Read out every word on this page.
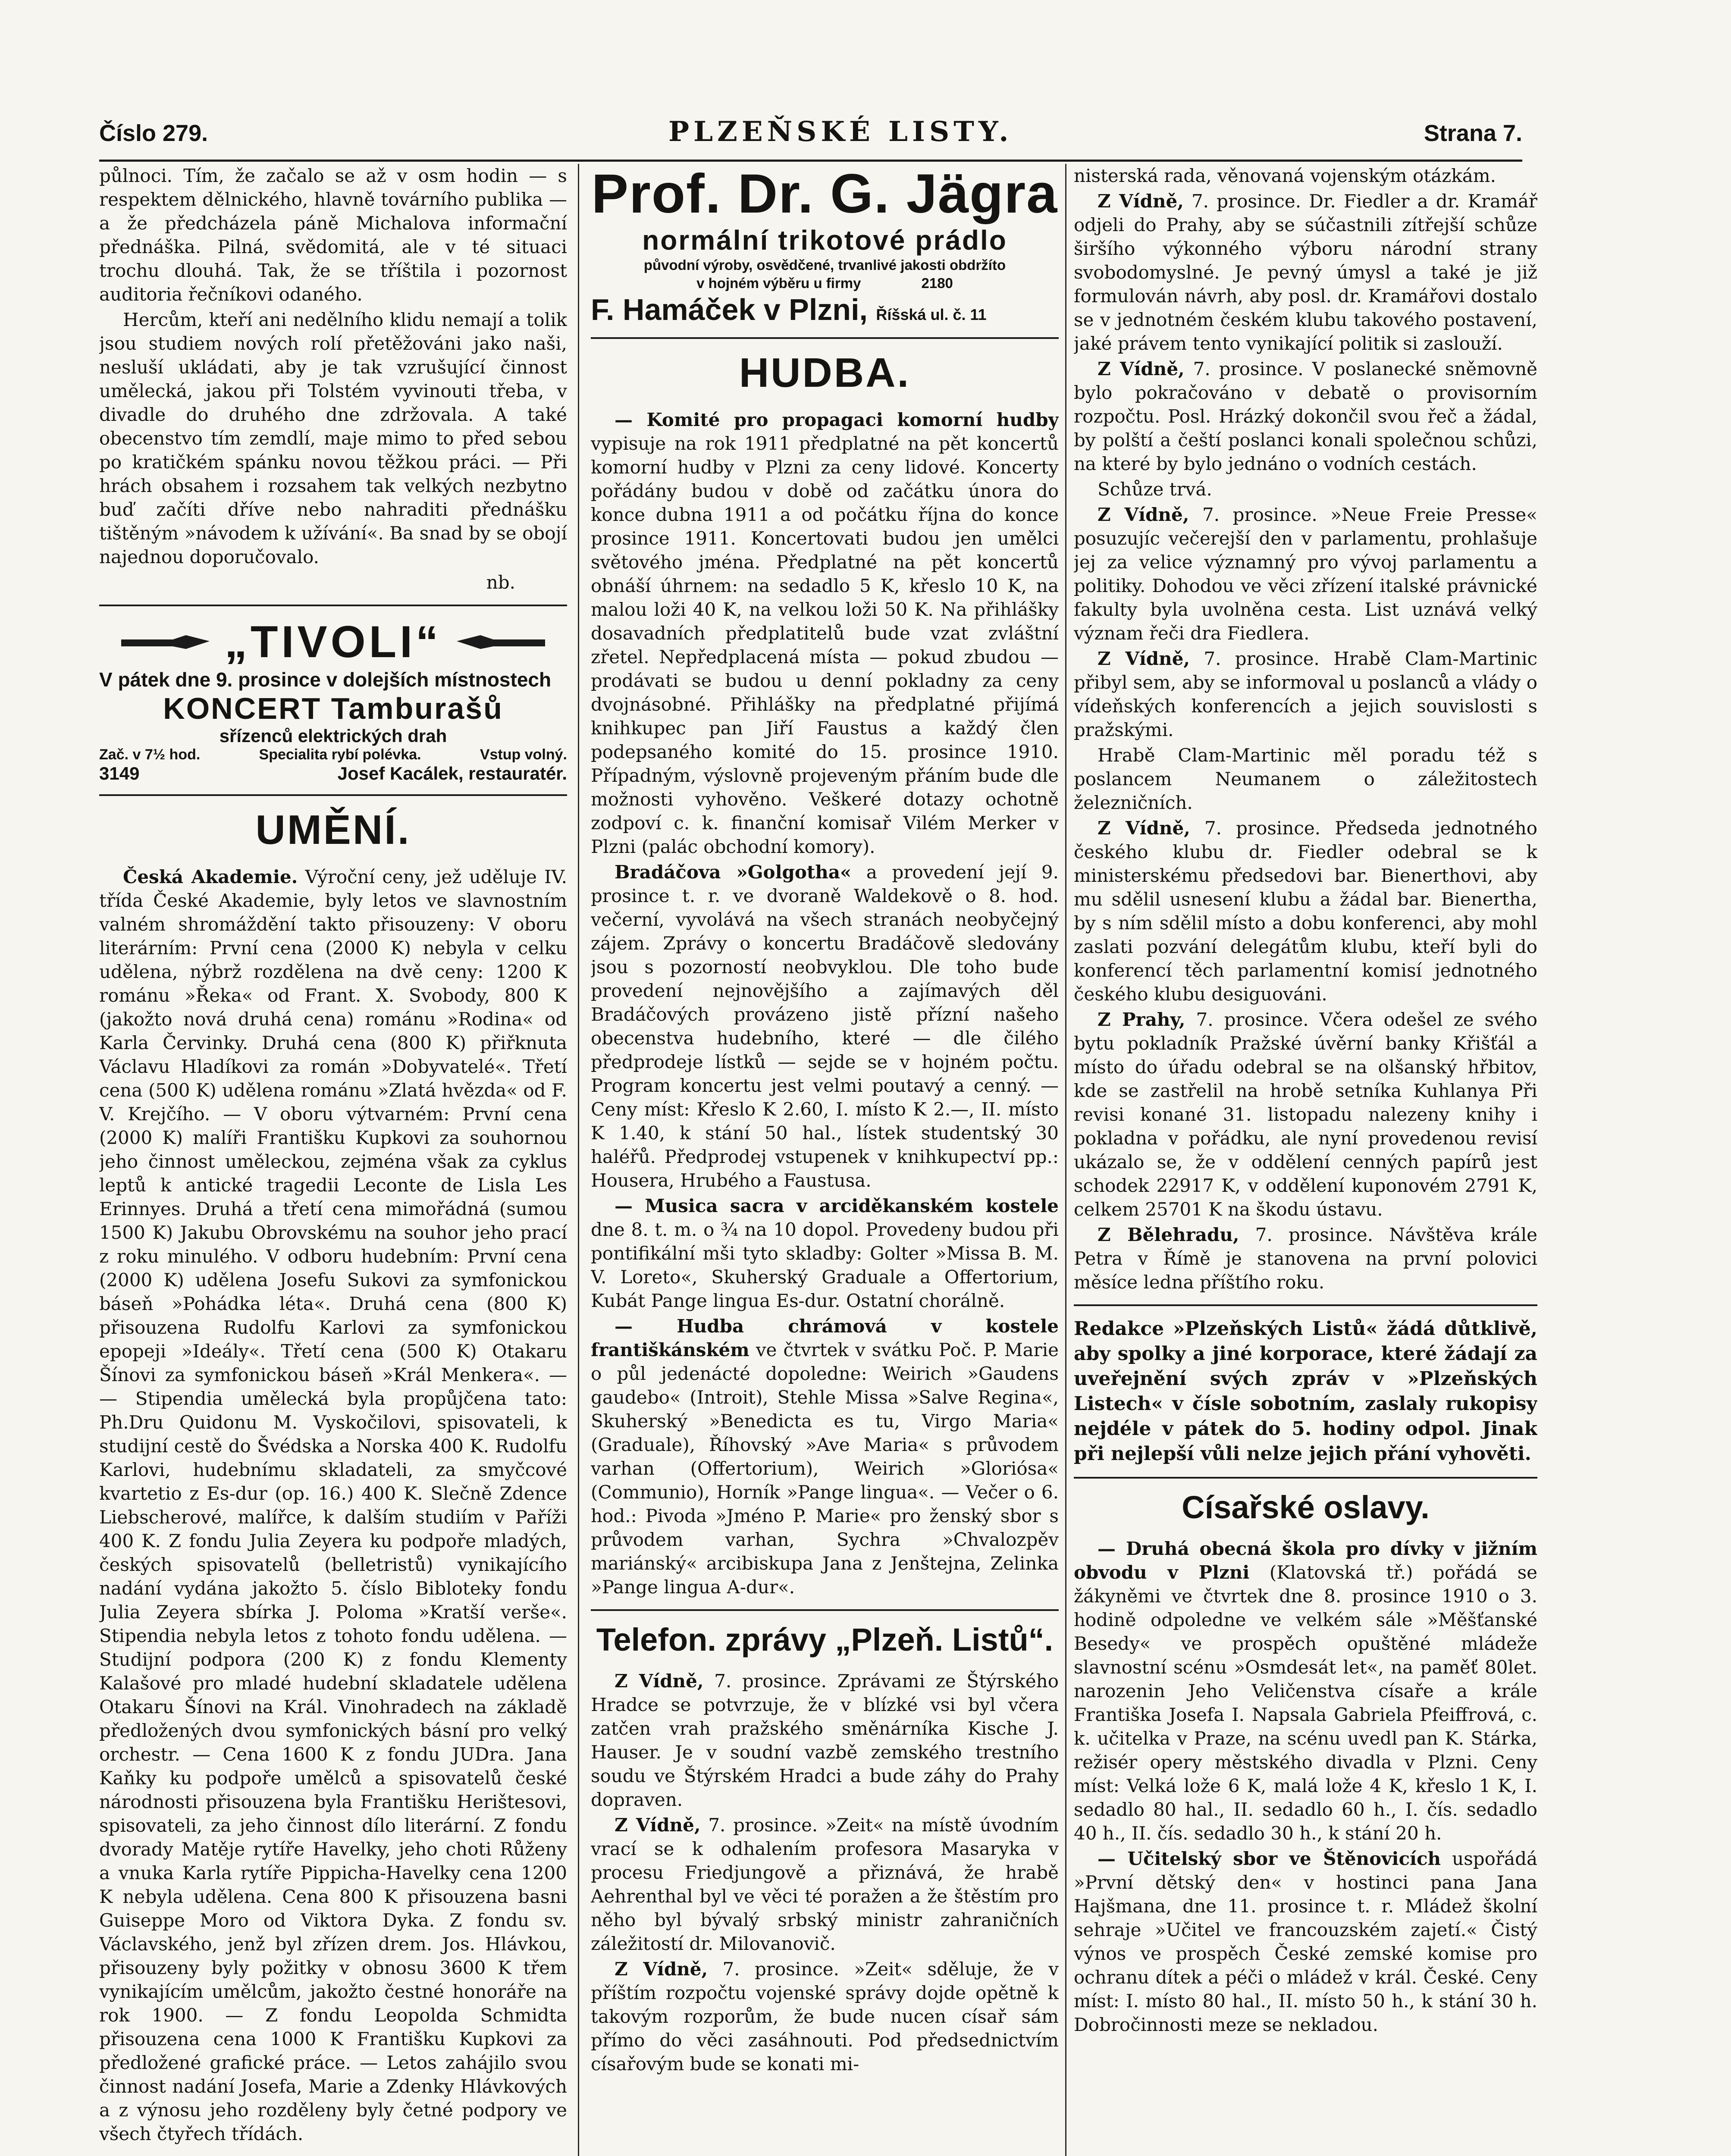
Číslo 279.	PLZEŇSKÉ LISTY.	Strana 7.

půlnoci. Tím, že začalo se až v osm hodin — s respektem dělnického, hlavně továrního publika — a že předcházela páně Michalova informační přednáška. Pilná, svědomitá, ale v té situaci trochu dlouhá. Tak, že se tříštila i pozornost auditoria řečníkovi odaného.

Hercům, kteří ani nedělního klidu nemají a tolik jsou studiem nových rolí přetěžováni jako naši, nesluší ukládati, aby je tak vzrušující činnost umělecká, jakou při Tolstém vyvinouti třeba, v divadle do druhého dne zdržovala. A také obecenstvo tím zemdlí, maje mimo to před sebou po kratičkém spánku novou těžkou práci. — Při hrách obsahem i rozsahem tak velkých nezbytno buď začíti dříve nebo nahraditi přednášku tištěným »návodem k užívání«. Ba snad by se obojí najednou doporučovalo.

nb.

„TIVOLI“
V pátek dne 9. prosince v dolejších místnostech
KONCERT Tamburašů
sřízenců elektrických drah
Zač. v 7½ hod.	Specialita rybí polévka.	Vstup volný.
3149	Josef Kacálek, restauratér.
UMĚNÍ.

Česká Akademie. Výroční ceny, jež uděluje IV. třída České Akademie, byly letos ve slavnostním valném shromáždění takto přisouzeny: V oboru literárním: První cena (2000 K) nebyla v celku udělena, nýbrž rozdělena na dvě ceny: 1200 K románu »Řeka« od Frant. X. Svobody, 800 K (jakožto nová druhá cena) románu »Rodina« od Karla Červinky. Druhá cena (800 K) přiřknuta Václavu Hladíkovi za román »Dobyvatelé«. Třetí cena (500 K) udělena románu »Zlatá hvězda« od F. V. Krejčího. — V oboru výtvarném: První cena (2000 K) malíři Františku Kupkovi za souhornou jeho činnost uměleckou, zejména však za cyklus leptů k antické tragedii Leconte de Lisla Les Erinnyes. Druhá a třetí cena mimořádná (sumou 1500 K) Jakubu Obrovskému na souhor jeho prací z roku minulého. V odboru hudebním: První cena (2000 K) udělena Josefu Sukovi za symfonickou báseň »Pohádka léta«. Druhá cena (800 K) přisouzena Rudolfu Karlovi za symfonickou epopeji »Ideály«. Třetí cena (500 K) Otakaru Šínovi za symfonickou báseň »Král Menkera«. — — Stipendia umělecká byla propůjčena tato: Ph.Dru Quidonu M. Vyskočilovi, spisovateli, k studijní cestě do Švédska a Norska 400 K. Rudolfu Karlovi, hudebnímu skladateli, za smyčcové kvartetio z Es-dur (op. 16.) 400 K. Slečně Zdence Liebscherové, malířce, k dalším studiím v Paříži 400 K. Z fondu Julia Zeyera ku podpoře mladých, českých spisovatelů (belletristů) vynikajícího nadání vydána jakožto 5. číslo Bibloteky fondu Julia Zeyera sbírka J. Poloma »Kratší verše«. Stipendia nebyla letos z tohoto fondu udělena. — Studijní podpora (200 K) z fondu Klementy Kalašové pro mladé hudební skladatele udělena Otakaru Šínovi na Král. Vinohradech na základě předložených dvou symfonických básní pro velký orchestr. — Cena 1600 K z fondu JUDra. Jana Kaňky ku podpoře umělců a spisovatelů české národnosti přisouzena byla Františku Herištesovi, spisovateli, za jeho činnost dílo literární. Z fondu dvorady Matěje rytíře Havelky, jeho choti Růženy a vnuka Karla rytíře Pippicha-Havelky cena 1200 K nebyla udělena. Cena 800 K přisouzena basni Guiseppe Moro od Viktora Dyka. Z fondu sv. Václavského, jenž byl zřízen drem. Jos. Hlávkou, přisouzeny byly požitky v obnosu 3600 K třem vynikajícím umělcům, jakožto čestné honoráře na rok 1900. — Z fondu Leopolda Schmidta přisouzena cena 1000 K Františku Kupkovi za předložené grafické práce. — Letos zahájilo svou činnost nadání Josefa, Marie a Zdenky Hlávkových a z výnosu jeho rozděleny byly četné podpory ve všech čtyřech třídách.

Prof. Dr. G. Jägra
normální trikotové prádlo
původní výroby, osvědčené, trvanlivé jakosti obdržíto
v hojném výběru u firmy	2180
F. Hamáček v Plzni, Říšská ul. č. 11
HUDBA.

— Komité pro propagaci komorní hudby vypisuje na rok 1911 předplatné na pět koncertů komorní hudby v Plzni za ceny lidové. Koncerty pořádány budou v době od začátku února do konce dubna 1911 a od počátku října do konce prosince 1911. Koncertovati budou jen umělci světového jména. Předplatné na pět koncertů obnáší úhrnem: na sedadlo 5 K, křeslo 10 K, na malou loži 40 K, na velkou loži 50 K. Na přihlášky dosavadních předplatitelů bude vzat zvláštní zřetel. Nepředplacená místa — pokud zbudou — prodávati se budou u denní pokladny za ceny dvojnásobné. Přihlášky na předplatné přijímá knihkupec pan Jiří Faustus a každý člen podepsaného komité do 15. prosince 1910. Případným, výslovně projeveným přáním bude dle možnosti vyhověno. Veškeré dotazy ochotně zodpoví c. k. finanční komisař Vilém Merker v Plzni (palác obchodní komory).

Bradáčova »Golgotha« a provedení její 9. prosince t. r. ve dvoraně Waldekově o 8. hod. večerní, vyvolává na všech stranách neobyčejný zájem. Zprávy o koncertu Bradáčově sledovány jsou s pozorností neobvyklou. Dle toho bude provedení nejnovějšího a zajímavých děl Bradáčových provázeno jistě přízní našeho obecenstva hudebního, které — dle čilého předprodeje lístků — sejde se v hojném počtu. Program koncertu jest velmi poutavý a cenný. — Ceny míst: Křeslo K 2.60, I. místo K 2.—, II. místo K 1.40, k stání 50 hal., lístek studentský 30 haléřů. Předprodej vstupenek v knihkupectví pp.: Housera, Hrubého a Faustusa.

— Musica sacra v arciděkanském kostele dne 8. t. m. o ¾ na 10 dopol. Provedeny budou při pontifikální mši tyto skladby: Golter »Missa B. M. V. Loreto«, Skuherský Graduale a Offertorium, Kubát Pange lingua Es-dur. Ostatní chorálně.

— Hudba chrámová v kostele františkánském ve čtvrtek v svátku Poč. P. Marie o půl jedenácté dopoledne: Weirich »Gaudens gaudebo« (Introit), Stehle Missa »Salve Regina«, Skuherský »Benedicta es tu, Virgo Maria« (Graduale), Říhovský »Ave Maria« s průvodem varhan (Offertorium), Weirich »Gloriósa« (Communio), Horník »Pange lingua«. — Večer o 6. hod.: Pivoda »Jméno P. Marie« pro ženský sbor s průvodem varhan, Sychra »Chvalozpěv mariánský« arcibiskupa Jana z Jenštejna, Zelinka »Pange lingua A-dur«.

Telefon. zprávy „Plzeň. Listů“.

Z Vídně, 7. prosince. Zprávami ze Štýrského Hradce se potvrzuje, že v blízké vsi byl včera zatčen vrah pražského směnárníka Kische J. Hauser. Je v soudní vazbě zemského trestního soudu ve Štýrském Hradci a bude záhy do Prahy dopraven.

Z Vídně, 7. prosince. »Zeit« na místě úvodním vrací se k odhalením profesora Masaryka v procesu Friedjungově a přiznává, že hrabě Aehrenthal byl ve věci té poražen a že štěstím pro něho byl bývalý srbský ministr zahraničních záležitostí dr. Milovanovič.

Z Vídně, 7. prosince. »Zeit« sděluje, že v příštím rozpočtu vojenské správy dojde opětně k takovým rozporům, že bude nucen císař sám přímo do věci zasáhnouti. Pod předsednictvím císařovým bude se konati mi-

nisterská rada, věnovaná vojenským otázkám.

Z Vídně, 7. prosince. Dr. Fiedler a dr. Kramář odjeli do Prahy, aby se súčastnili zítřejší schůze širšího výkonného výboru národní strany svobodomyslné. Je pevný úmysl a také je již formulován návrh, aby posl. dr. Kramářovi dostalo se v jednotném českém klubu takového postavení, jaké právem tento vynikající politik si zaslouží.

Z Vídně, 7. prosince. V poslanecké sněmovně bylo pokračováno v debatě o provisorním rozpočtu. Posl. Hrázký dokončil svou řeč a žádal, by polští a čeští poslanci konali společnou schůzi, na které by bylo jednáno o vodních cestách.

Schůze trvá.

Z Vídně, 7. prosince. »Neue Freie Presse« posuzujíc večerejší den v parlamentu, prohlašuje jej za velice významný pro vývoj parlamentu a politiky. Dohodou ve věci zřízení italské právnické fakulty byla uvolněna cesta. List uznává velký význam řeči dra Fiedlera.

Z Vídně, 7. prosince. Hrabě Clam-Martinic přibyl sem, aby se informoval u poslanců a vlády o vídeňských konferencích a jejich souvislosti s pražskými.

Hrabě Clam-Martinic měl poradu též s poslancem Neumanem o záležitostech železničních.

Z Vídně, 7. prosince. Předseda jednotného českého klubu dr. Fiedler odebral se k ministerskému předsedovi bar. Bienerthovi, aby mu sdělil usnesení klubu a žádal bar. Bienertha, by s ním sdělil místo a dobu konferenci, aby mohl zaslati pozvání delegátům klubu, kteří byli do konferencí těch parlamentní komisí jednotného českého klubu desiguováni.

Z Prahy, 7. prosince. Včera odešel ze svého bytu pokladník Pražské úvěrní banky Křišťál a místo do úřadu odebral se na olšanský hřbitov, kde se zastřelil na hrobě setníka Kuhlanya Při revisi konané 31. listopadu nalezeny knihy i pokladna v pořádku, ale nyní provedenou revisí ukázalo se, že v oddělení cenných papírů jest schodek 22917 K, v oddělení kuponovém 2791 K, celkem 25701 K na škodu ústavu.

Z Bělehradu, 7. prosince. Návštěva krále Petra v Římě je stanovena na první polovici měsíce ledna příštího roku.

Redakce »Plzeňských Listů« žádá důtklivě, aby spolky a jiné korporace, které žádají za uveřejnění svých zpráv v »Plzeňských Listech« v čísle sobotním, zaslaly rukopisy nejdéle v pátek do 5. hodiny odpol. Jinak při nejlepší vůli nelze jejich přání vyhověti.

Císařské oslavy.

— Druhá obecná škola pro dívky v jižním obvodu v Plzni (Klatovská tř.) pořádá se žákyněmi ve čtvrtek dne 8. prosince 1910 o 3. hodině odpoledne ve velkém sále »Měšťanské Besedy« ve prospěch opuštěné mládeže slavnostní scénu »Osmdesát let«, na paměť 80let. narozenin Jeho Veličenstva císaře a krále Františka Josefa I. Napsala Gabriela Pfeiffrová, c. k. učitelka v Praze, na scénu uvedl pan K. Stárka, režisér opery městského divadla v Plzni. Ceny míst: Velká lože 6 K, malá lože 4 K, křeslo 1 K, I. sedadlo 80 hal., II. sedadlo 60 h., I. čís. sedadlo 40 h., II. čís. sedadlo 30 h., k stání 20 h.

— Učitelský sbor ve Štěnovicích uspořádá »První dětský den« v hostinci pana Jana Hajšmana, dne 11. prosince t. r. Mládež školní sehraje »Učitel ve francouzském zajetí.« Čistý výnos ve prospěch České zemské komise pro ochranu dítek a péči o mládež v král. České. Ceny míst: I. místo 80 hal., II. místo 50 h., k stání 30 h. Dobročinnosti meze se nekladou.
